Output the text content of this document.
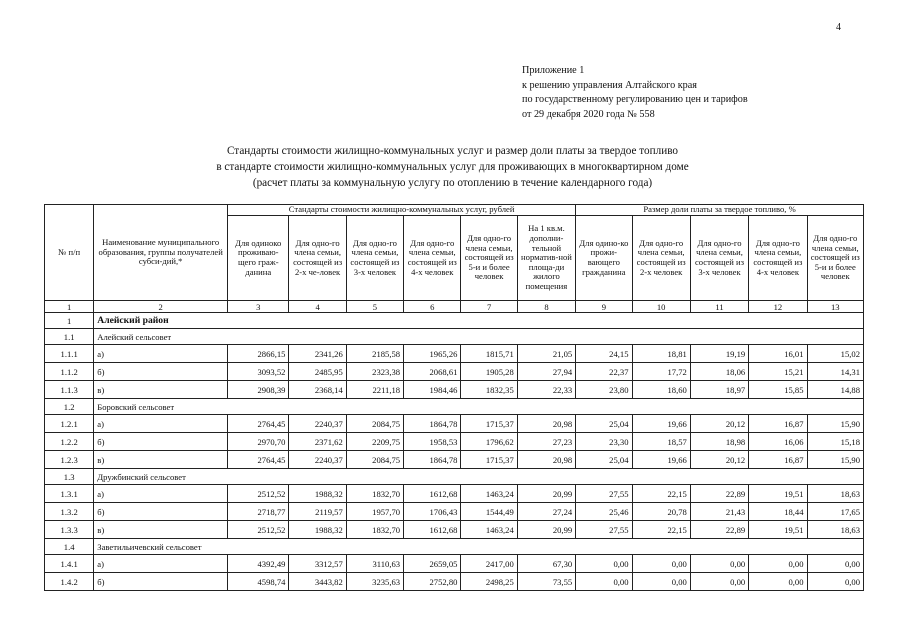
4
Приложение 1
к решению управления Алтайского края
по государственному регулированию цен и тарифов
от 29 декабря 2020 года № 558
Стандарты стоимости жилищно-коммунальных услуг и размер доли платы за твердое топливо
в стандарте стоимости жилищно-коммунальных услуг для проживающих в многоквартирном доме
(расчет платы за коммунальную услугу по отоплению в течение календарного года)
№ п/п	Наименование муниципального образования, группы получателей субси-дий,*	Стандарты стоимости жилищно-коммунальных услуг, рублей						Размер доли платы за твердое топливо, %				
		Для одиноко проживаю-щего граж-данина	Для одно-го члена семьи, состоящей из 2-х че-ловек	Для одно-го члена семьи, состоящей из 3-х человек	Для одно-го члена семьи, состоящей из 4-х человек	Для одно-го члена семьи, состоящей из 5-и и более человек	На 1 кв.м. дополни-тельной норматив-ной площа-ди жилого помещения	Для одино-ко прожи-вающего гражданина	Для одно-го члена семьи, состоящей из 2-х человек	Для одно-го члена семьи, состоящей из 3-х человек	Для одно-го члена семьи, состоящей из 4-х человек	Для одно-го члена семьи, состоящей из 5-и и более человек
1	2	3	4	5	6	7	8	9	10	11	12	13
1	Алейский район											
1.1	Алейский сельсовет											
1.1.1	а)	2866,15	2341,26	2185,58	1965,26	1815,71	21,05	24,15	18,81	19,19	16,01	15,02
1.1.2	б)	3093,52	2485,95	2323,38	2068,61	1905,28	27,94	22,37	17,72	18,06	15,21	14,31
1.1.3	в)	2908,39	2368,14	2211,18	1984,46	1832,35	22,33	23,80	18,60	18,97	15,85	14,88
1.2	Боровский сельсовет											
1.2.1	а)	2764,45	2240,37	2084,75	1864,78	1715,37	20,98	25,04	19,66	20,12	16,87	15,90
1.2.2	б)	2970,70	2371,62	2209,75	1958,53	1796,62	27,23	23,30	18,57	18,98	16,06	15,18
1.2.3	в)	2764,45	2240,37	2084,75	1864,78	1715,37	20,98	25,04	19,66	20,12	16,87	15,90
1.3	Дружбинский сельсовет											
1.3.1	а)	2512,52	1988,32	1832,70	1612,68	1463,24	20,99	27,55	22,15	22,89	19,51	18,63
1.3.2	б)	2718,77	2119,57	1957,70	1706,43	1544,49	27,24	25,46	20,78	21,43	18,44	17,65
1.3.3	в)	2512,52	1988,32	1832,70	1612,68	1463,24	20,99	27,55	22,15	22,89	19,51	18,63
1.4	Заветильичевский сельсовет											
1.4.1	а)	4392,49	3312,57	3110,63	2659,05	2417,00	67,30	0,00	0,00	0,00	0,00	0,00
1.4.2	б)	4598,74	3443,82	3235,63	2752,80	2498,25	73,55	0,00	0,00	0,00	0,00	0,00
